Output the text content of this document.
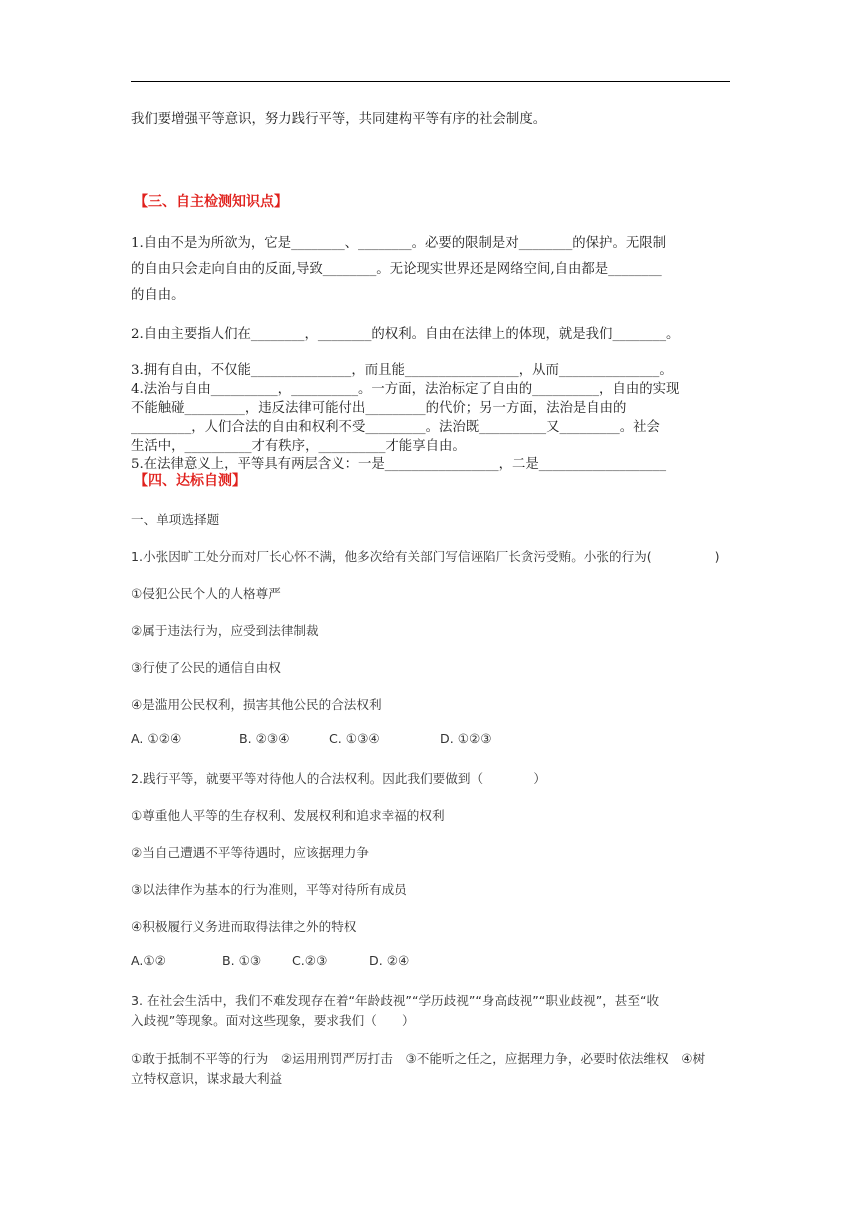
我们要增强平等意识，努力践行平等，共同建构平等有序的社会制度。
【三、自主检测知识点】
1.自由不是为所欲为，它是________、________。必要的限制是对________的保护。无限制
的自由只会走向自由的反面,导致________。无论现实世界还是网络空间,自由都是________
的自由。
2.自由主要指人们在________，________的权利。自由在法律上的体现，就是我们________。
3.拥有自由，不仅能_______________，而且能_________________，从而_______________。
4.法治与自由__________，__________。一方面，法治标定了自由的__________，自由的实现
不能触碰_________，违反法律可能付出_________的代价；另一方面，法治是自由的
_________，人们合法的自由和权利不受_________。法治既__________又_________。社会
生活中，__________才有秩序，__________才能享自由。
5.在法律意义上，平等具有两层含义：一是_________________，二是___________________
【四、达标自测】
一、单项选择题
1.小张因旷工处分而对厂长心怀不满，他多次给有关部门写信诬陷厂长贪污受贿。小张的行为(　　　　　)
①侵犯公民个人的人格尊严
②属于违法行为，应受到法律制裁
③行使了公民的通信自由权
④是滥用公民权利，损害其他公民的合法权利
A. ①②④	B. ②③④	C. ①③④	D. ①②③
2.践行平等，就要平等对待他人的合法权利。因此我们要做到（　　　　）
①尊重他人平等的生存权利、发展权利和追求幸福的权利
②当自己遭遇不平等待遇时，应该据理力争
③以法律作为基本的行为准则，平等对待所有成员
④积极履行义务进而取得法律之外的特权
A.①②	B. ①③ C.②③	D. ②④
3. 在社会生活中，我们不难发现存在着“年龄歧视”“学历歧视”“身高歧视”“职业歧视”，甚至“收
入歧视”等现象。面对这些现象，要求我们（　　）
①敢于抵制不平等的行为　②运用刑罚严厉打击　③不能听之任之，应据理力争，必要时依法维权　④树
立特权意识，谋求最大利益
